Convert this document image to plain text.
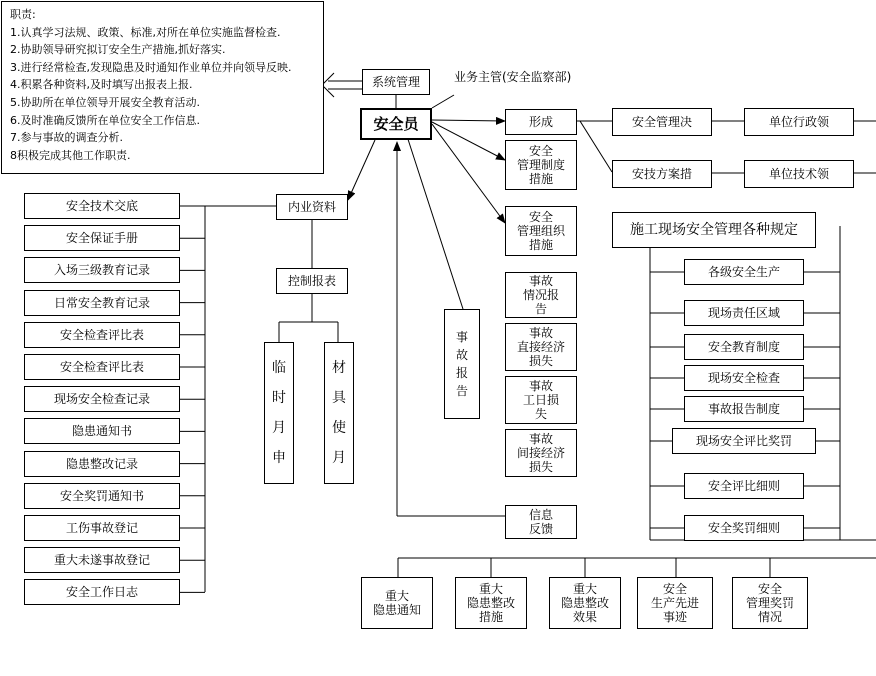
职责:
1.认真学习法规、政策、标准,对所在单位实施监督检查.
2.协助领导研究拟订安全生产措施,抓好落实.
3.进行经常检查,发现隐患及时通知作业单位并向领导反映.
4.积累各种资料,及时填写出报表上报.
5.协助所在单位领导开展安全教育活动.
6.及时准确反馈所在单位安全工作信息.
7.参与事故的调查分析.
8积极完成其他工作职责.
系统管理	业务主管(安全监察部)
安全员
内业资料
控制报表
事
故
报
告
信息
反馈
临
时
月
申
材
具
使
月
安全技术交底
安全保证手册
入场三级教育记录
日常安全教育记录
安全检查评比表
安全检查评比表
现场安全检查记录
隐患通知书
隐患整改记录
安全奖罚通知书
工伤事故登记
重大未遂事故登记
安全工作日志
形成
安全
管理制度
措施
安全
管理组织
措施
事故
情况报
告
事故
直接经济
损失
事故
工日损
失
事故
间接经济
损失
安全管理决
安技方案措
单位行政领
单位技术领
施工现场安全管理各种规定
各级安全生产
现场责任区域
安全教育制度
现场安全检查
事故报告制度
现场安全评比奖罚
安全评比细则
安全奖罚细则
重大
隐患通知
重大
隐患整改
措施
重大
隐患整改
效果
安全
生产先进
事迹
安全
管理奖罚
情况
